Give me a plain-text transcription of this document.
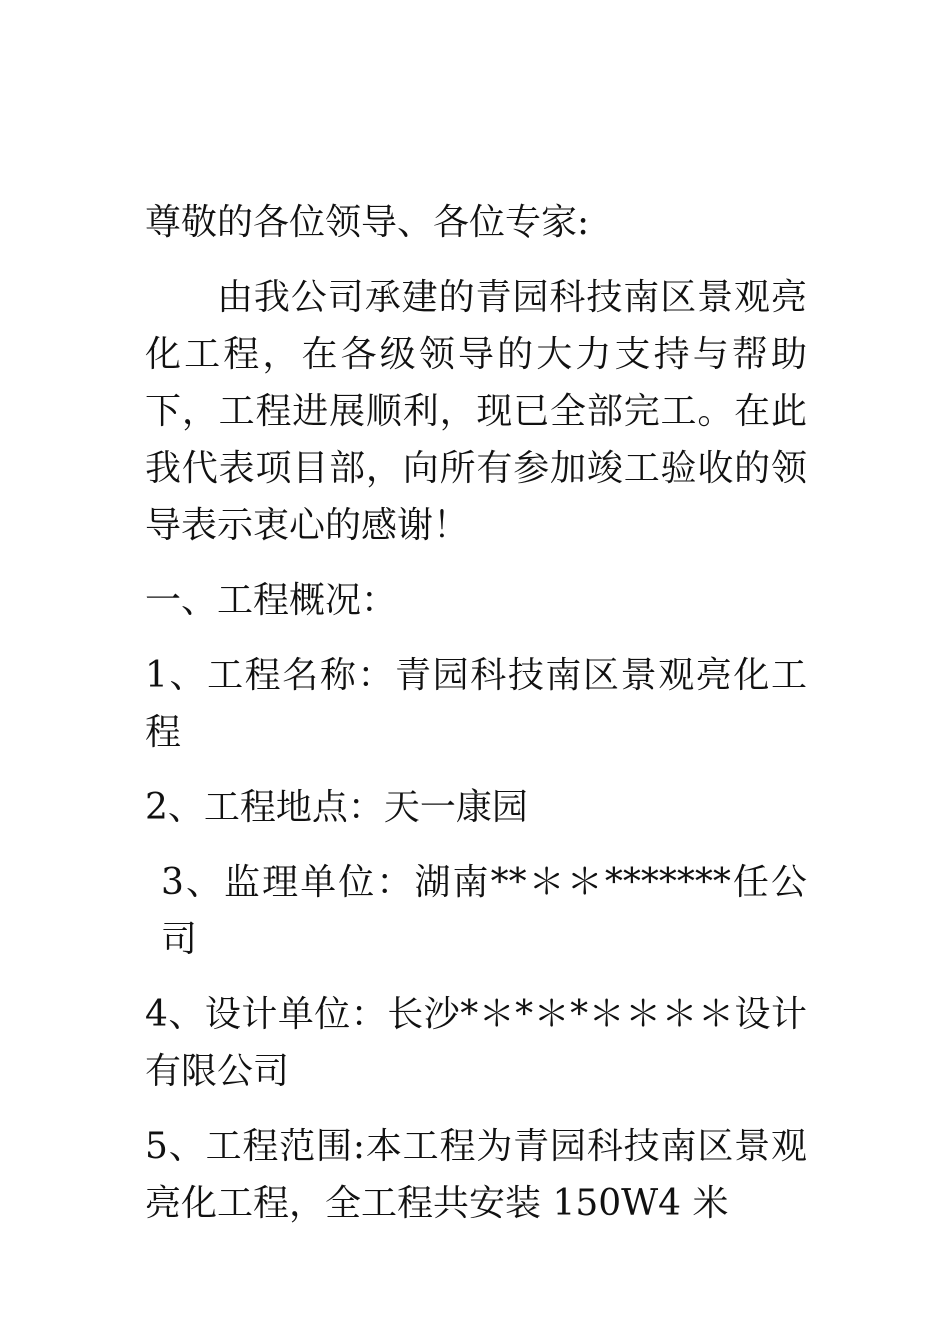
尊敬的各位领导、各位专家:

由我公司承建的青园科技南区景观亮化工程，在各级领导的大力支持与帮助下，工程进展顺利，现已全部完工。在此我代表项目部，向所有参加竣工验收的领导表示衷心的感谢！

一、工程概况：

1、工程名称：青园科技南区景观亮化工程

2、工程地点：天一康园

3、监理单位：湖南**＊＊*******任公司

4、设计单位：长沙*＊*＊*＊＊＊＊设计有限公司

5、工程范围:本工程为青园科技南区景观亮化工程，全工程共安装 150W4 米
